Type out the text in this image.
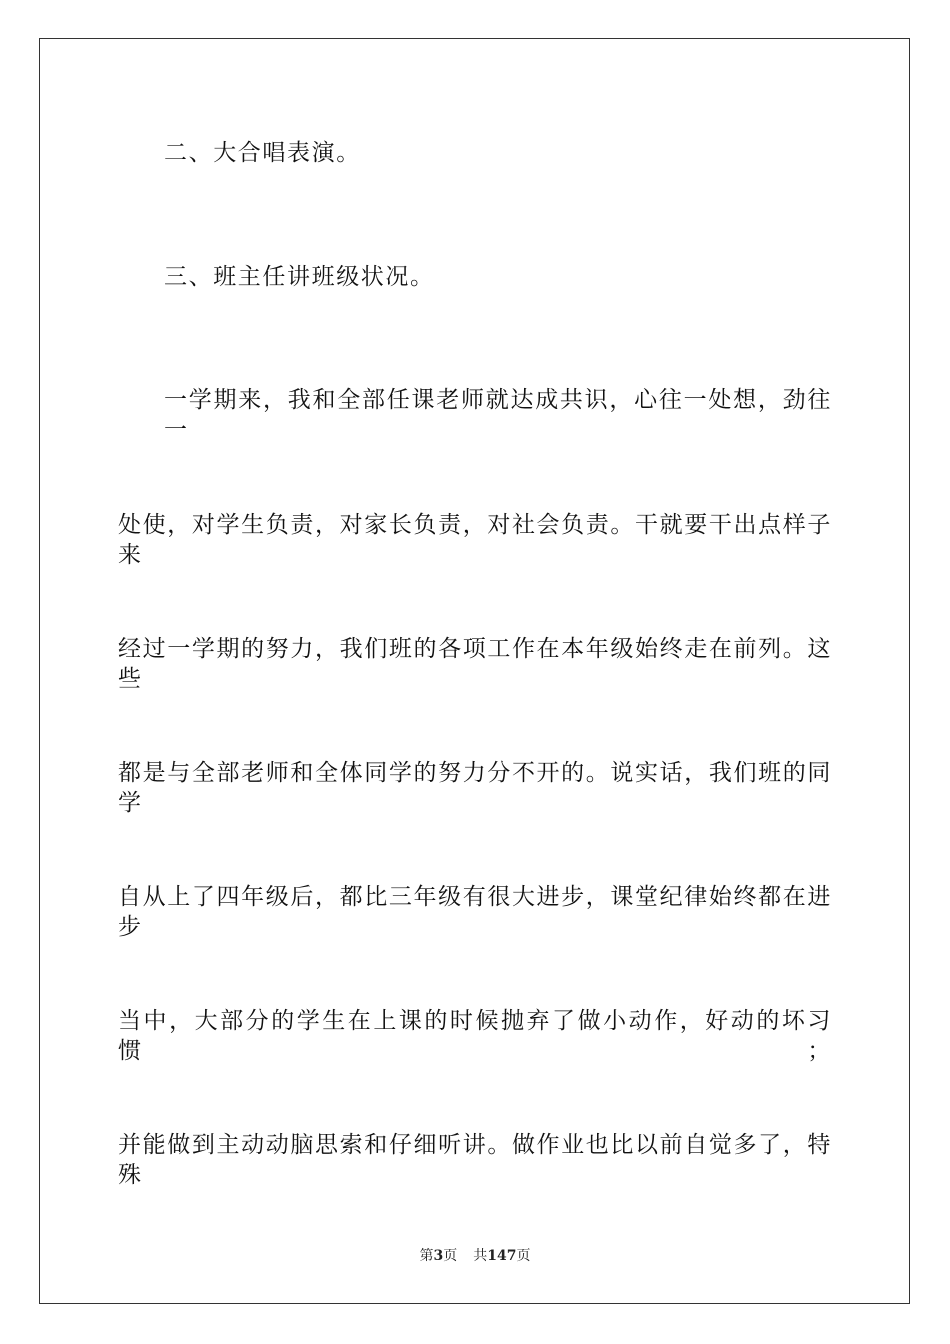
二、大合唱表演。
三、班主任讲班级状况。
一学期来，我和全部任课老师就达成共识，心往一处想，劲往一
处使，对学生负责，对家长负责，对社会负责。干就要干出点样子来
经过一学期的努力，我们班的各项工作在本年级始终走在前列。这些
都是与全部老师和全体同学的努力分不开的。说实话，我们班的同学
自从上了四年级后，都比三年级有很大进步，课堂纪律始终都在进步
当中，大部分的学生在上课的时候抛弃了做小动作，好动的坏习惯；
并能做到主动动脑思索和仔细听讲。做作业也比以前自觉多了，特殊
第3页 共147页
